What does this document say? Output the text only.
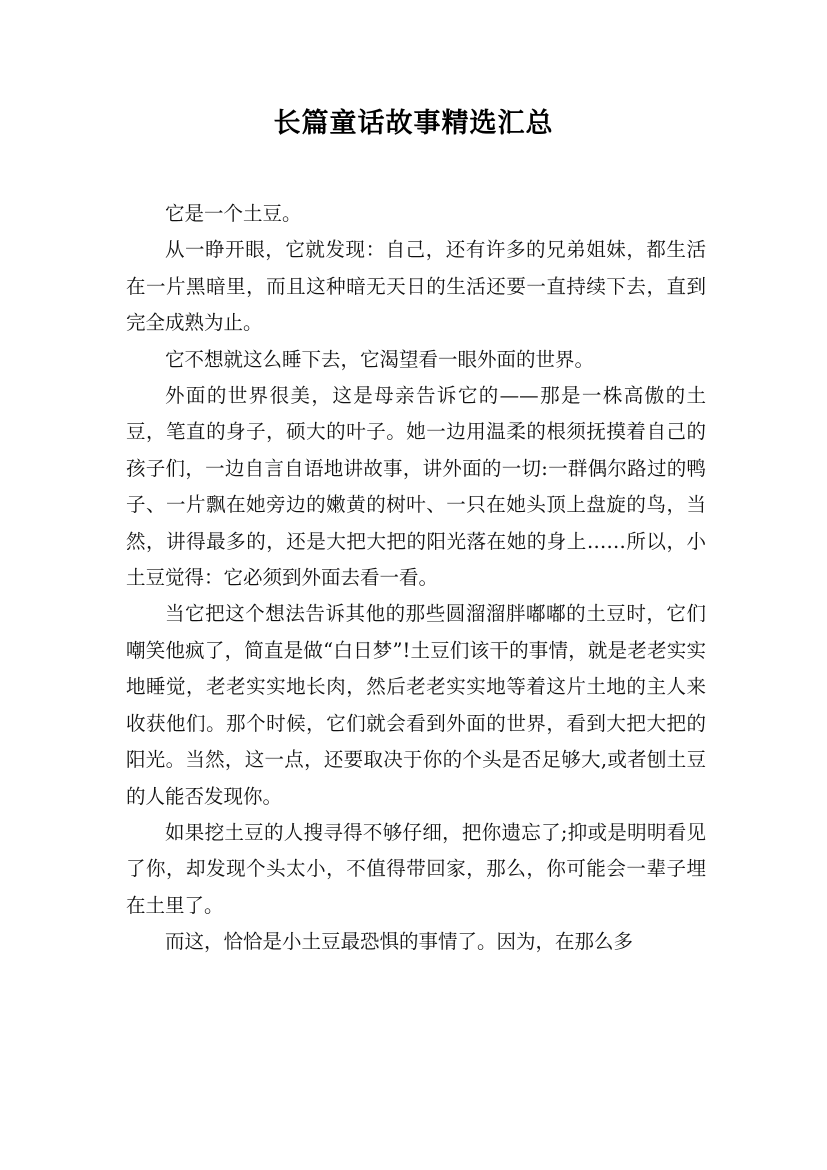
长篇童话故事精选汇总

它是一个土豆。

从一睁开眼，它就发现：自己，还有许多的兄弟姐妹，都生活在一片黑暗里，而且这种暗无天日的生活还要一直持续下去，直到完全成熟为止。

它不想就这么睡下去，它渴望看一眼外面的世界。

外面的世界很美，这是母亲告诉它的——那是一株高傲的土豆，笔直的身子，硕大的叶子。她一边用温柔的根须抚摸着自己的孩子们，一边自言自语地讲故事，讲外面的一切:一群偶尔路过的鸭子、一片飘在她旁边的嫩黄的树叶、一只在她头顶上盘旋的鸟，当然，讲得最多的，还是大把大把的阳光落在她的身上……所以，小土豆觉得：它必须到外面去看一看。

当它把这个想法告诉其他的那些圆溜溜胖嘟嘟的土豆时，它们嘲笑他疯了，简直是做“白日梦”!土豆们该干的事情，就是老老实实地睡觉，老老实实地长肉，然后老老实实地等着这片土地的主人来收获他们。那个时候，它们就会看到外面的世界，看到大把大把的阳光。当然，这一点，还要取决于你的个头是否足够大,或者刨土豆的人能否发现你。

如果挖土豆的人搜寻得不够仔细，把你遗忘了;抑或是明明看见了你，却发现个头太小，不值得带回家，那么，你可能会一辈子埋在土里了。

而这，恰恰是小土豆最恐惧的事情了。因为，在那么多
